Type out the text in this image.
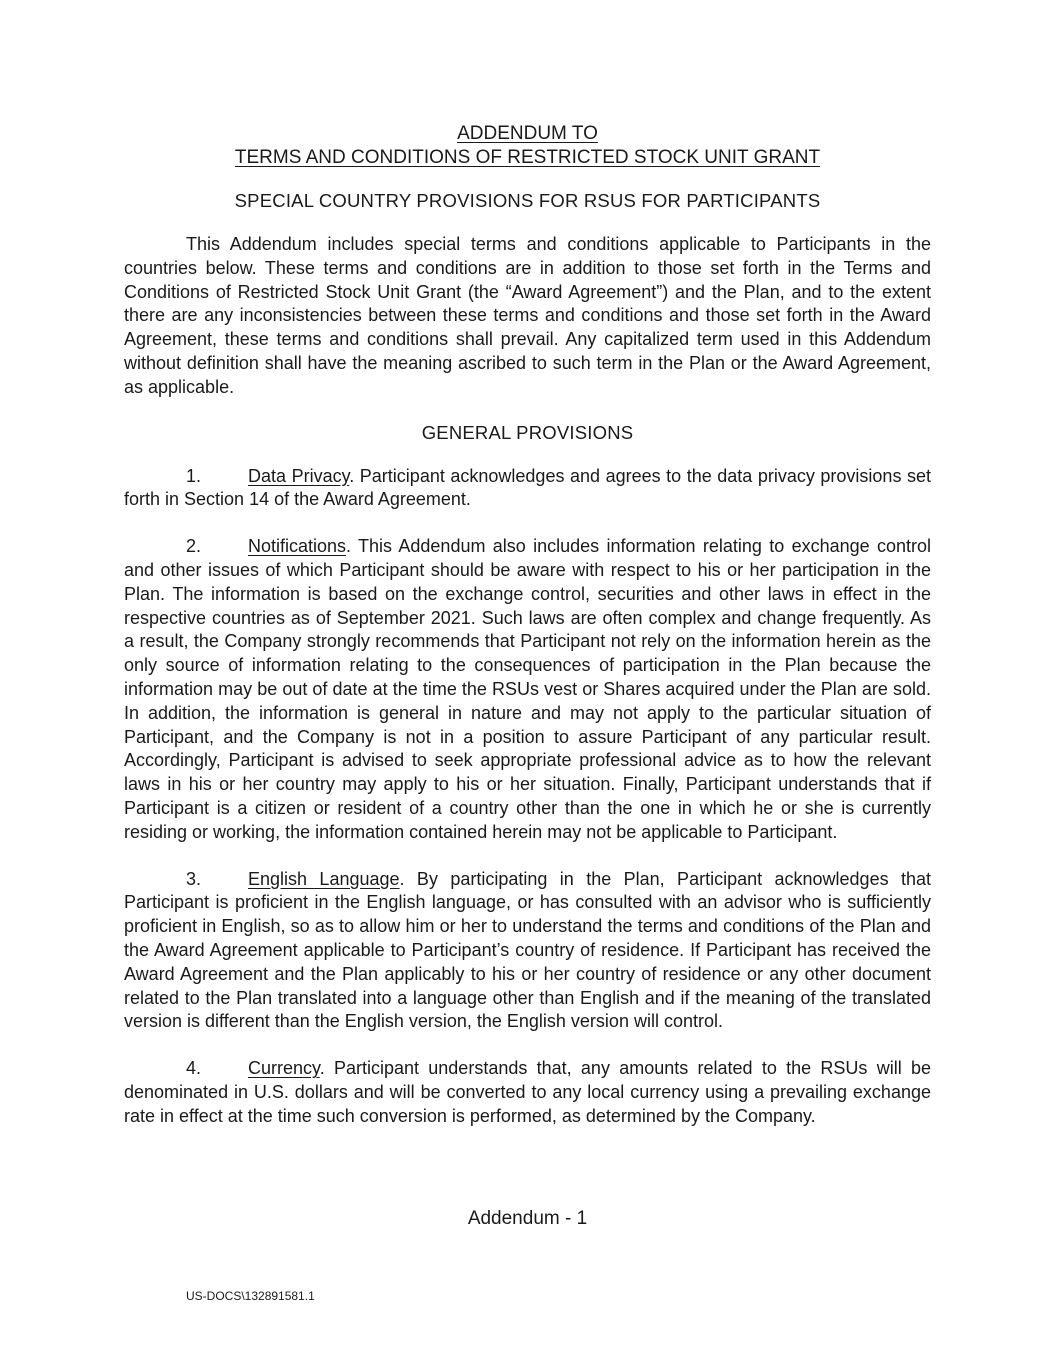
ADDENDUM TO
TERMS AND CONDITIONS OF RESTRICTED STOCK UNIT GRANT
SPECIAL COUNTRY PROVISIONS FOR RSUS FOR PARTICIPANTS

This Addendum includes special terms and conditions applicable to Participants in the countries below. These terms and conditions are in addition to those set forth in the Terms and Conditions of Restricted Stock Unit Grant (the “Award Agreement”) and the Plan, and to the extent there are any inconsistencies between these terms and conditions and those set forth in the Award Agreement, these terms and conditions shall prevail. Any capitalized term used in this Addendum without definition shall have the meaning ascribed to such term in the Plan or the Award Agreement, as applicable.

GENERAL PROVISIONS

1.	Data Privacy. Participant acknowledges and agrees to the data privacy provisions set forth in Section 14 of the Award Agreement.

2.	Notifications. This Addendum also includes information relating to exchange control and other issues of which Participant should be aware with respect to his or her participation in the Plan. The information is based on the exchange control, securities and other laws in effect in the respective countries as of September 2021. Such laws are often complex and change frequently. As a result, the Company strongly recommends that Participant not rely on the information herein as the only source of information relating to the consequences of participation in the Plan because the information may be out of date at the time the RSUs vest or Shares acquired under the Plan are sold. In addition, the information is general in nature and may not apply to the particular situation of Participant, and the Company is not in a position to assure Participant of any particular result. Accordingly, Participant is advised to seek appropriate professional advice as to how the relevant laws in his or her country may apply to his or her situation. Finally, Participant understands that if Participant is a citizen or resident of a country other than the one in which he or she is currently residing or working, the information contained herein may not be applicable to Participant.

3.	English Language. By participating in the Plan, Participant acknowledges that Participant is proficient in the English language, or has consulted with an advisor who is sufficiently proficient in English, so as to allow him or her to understand the terms and conditions of the Plan and the Award Agreement applicable to Participant’s country of residence. If Participant has received the Award Agreement and the Plan applicably to his or her country of residence or any other document related to the Plan translated into a language other than English and if the meaning of the translated version is different than the English version, the English version will control.

4.	Currency. Participant understands that, any amounts related to the RSUs will be denominated in U.S. dollars and will be converted to any local currency using a prevailing exchange rate in effect at the time such conversion is performed, as determined by the Company.

Addendum - 1
US-DOCS\132891581.1
